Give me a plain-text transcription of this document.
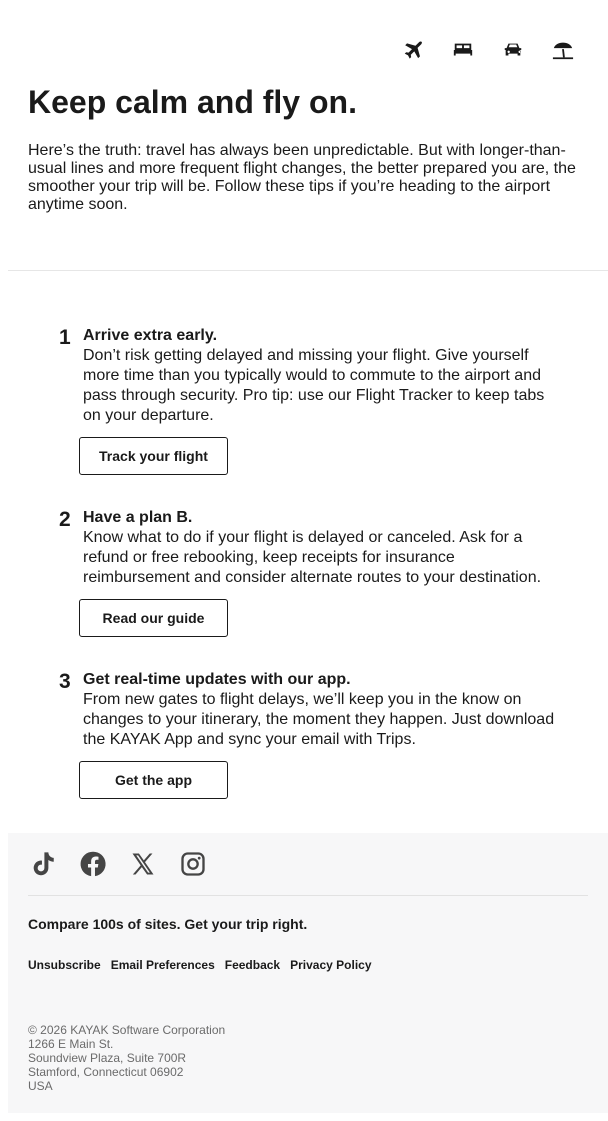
Keep calm and fly on.

Here’s the truth: travel has always been unpredictable. But with longer-than-usual lines and more frequent flight changes, the better prepared you are, the smoother your trip will be. Follow these tips if you’re heading to the airport anytime soon.

1 Arrive extra early.
Don’t risk getting delayed and missing your flight. Give yourself more time than you typically would to commute to the airport and pass through security. Pro tip: use our Flight Tracker to keep tabs on your departure.
Track your flight
2 Have a plan B.
Know what to do if your flight is delayed or canceled. Ask for a refund or free rebooking, keep receipts for insurance reimbursement and consider alternate routes to your destination.
Read our guide
3 Get real-time updates with our app.
From new gates to flight delays, we’ll keep you in the know on changes to your itinerary, the moment they happen. Just download the KAYAK App and sync your email with Trips.
Get the app
Compare 100s of sites. Get your trip right.
Unsubscribe Email Preferences Feedback Privacy Policy
© 2026 KAYAK Software Corporation
1266 E Main St.
Soundview Plaza, Suite 700R
Stamford, Connecticut 06902
USA
